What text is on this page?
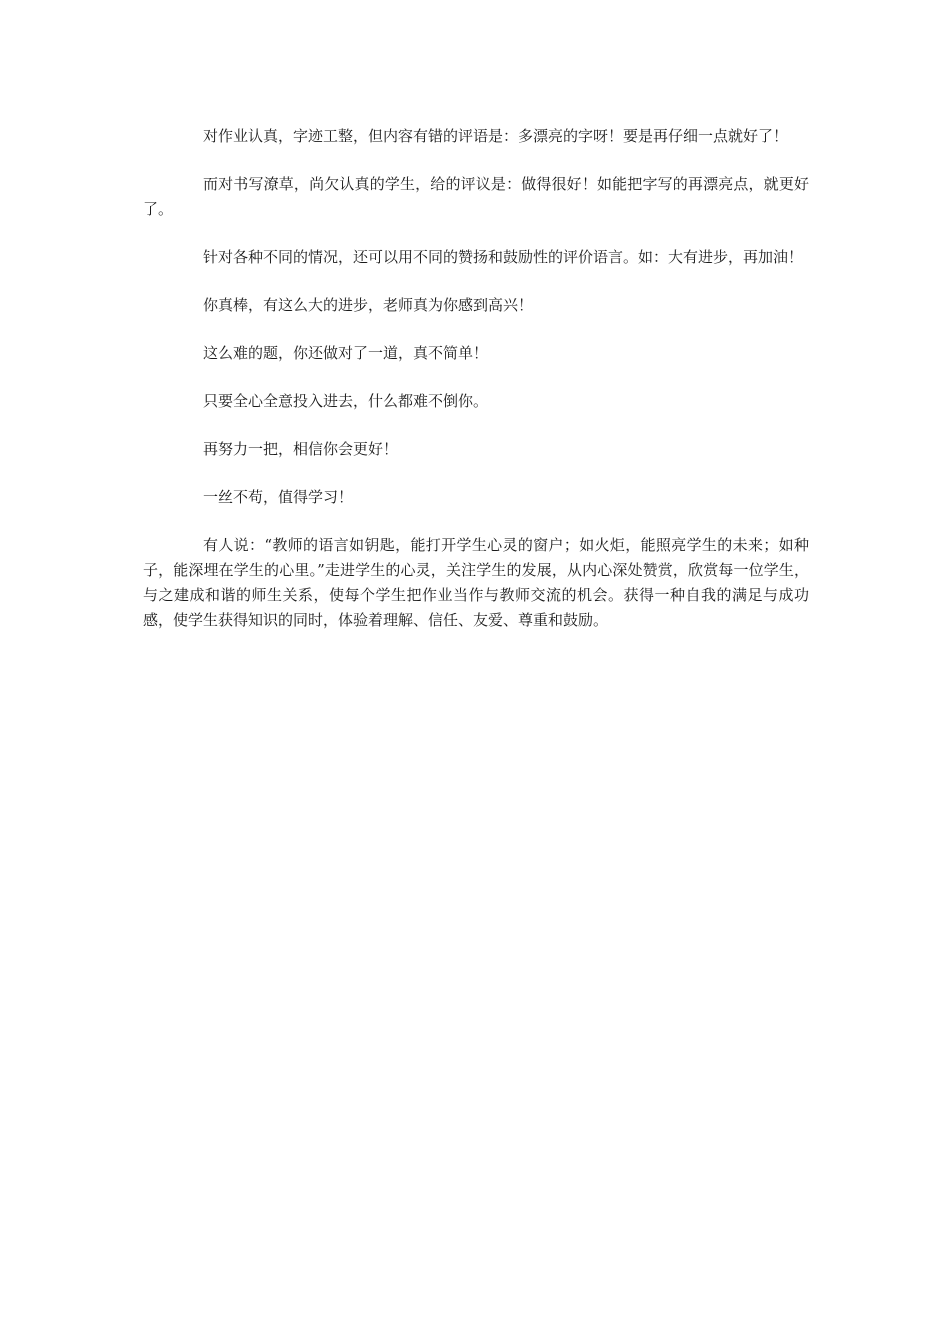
对作业认真，字迹工整，但内容有错的评语是：多漂亮的字呀！要是再仔细一点就好了！

而对书写潦草，尚欠认真的学生，给的评议是：做得很好！如能把字写的再漂亮点，就更好了。

针对各种不同的情况，还可以用不同的赞扬和鼓励性的评价语言。如：大有进步，再加油！

你真棒，有这么大的进步，老师真为你感到高兴！

这么难的题，你还做对了一道，真不简单！

只要全心全意投入进去，什么都难不倒你。

再努力一把，相信你会更好！

一丝不苟，值得学习！

有人说：“教师的语言如钥匙，能打开学生心灵的窗户；如火炬，能照亮学生的未来；如种子，能深埋在学生的心里。”走进学生的心灵，关注学生的发展，从内心深处赞赏，欣赏每一位学生，与之建成和谐的师生关系，使每个学生把作业当作与教师交流的机会。获得一种自我的满足与成功感，使学生获得知识的同时，体验着理解、信任、友爱、尊重和鼓励。
